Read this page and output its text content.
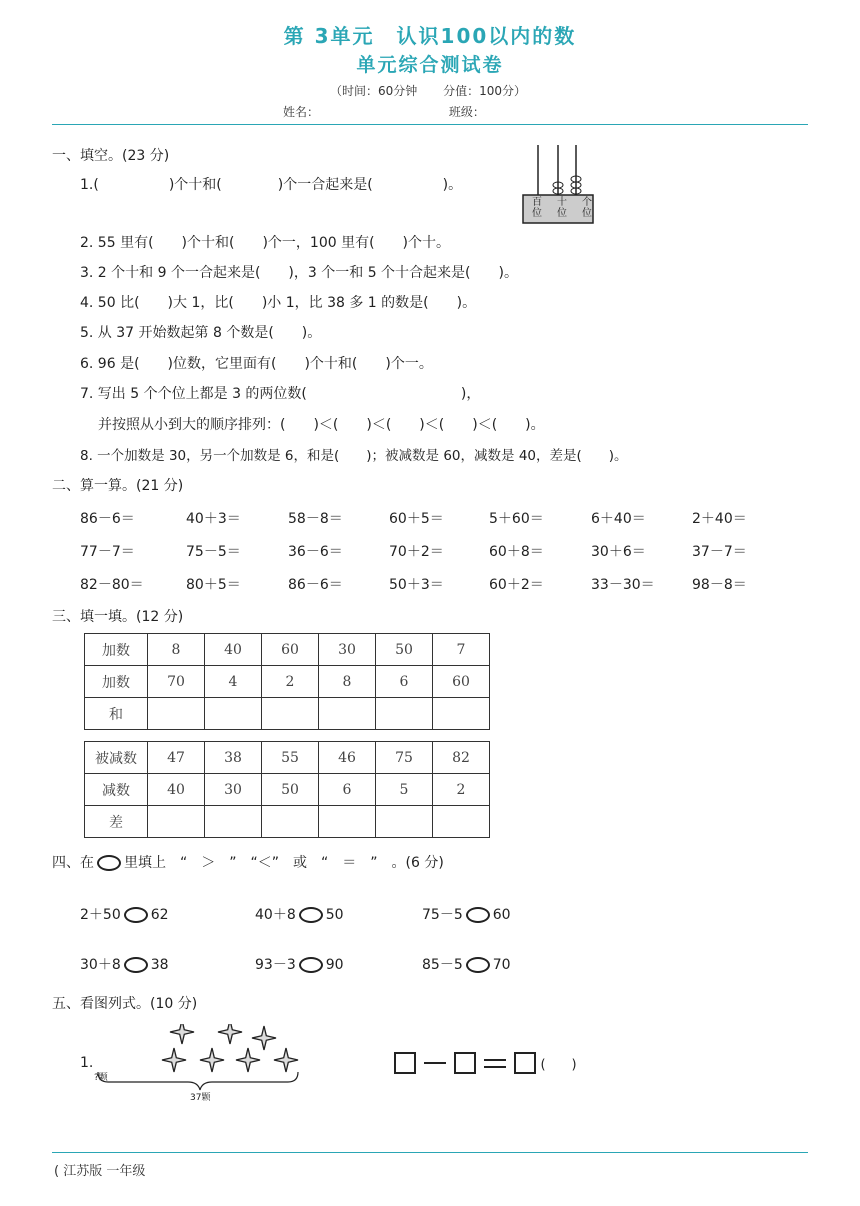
第 3单元　认识100以内的数
单元综合测试卷
（时间：60分钟 分值：100分）
姓名：	班级：
一、填空。(23 分)
1.(　　　　　)个十和(　　　　)个一合起来是(　　　　　)。
百位
十位
个位
2. 55 里有(　　)个十和(　　)个一，100 里有(　　)个十。
3. 2 个十和 9 个一合起来是(　　)，3 个一和 5 个十合起来是(　　)。
4. 50 比(　　)大 1，比(　　)小 1，比 38 多 1 的数是(　　)。
5. 从 37 开始数起第 8 个数是(　　)。
6. 96 是(　　)位数，它里面有(　　)个十和(　　)个一。
7. 写出 5 个个位上都是 3 的两位数(　　　　　　　　　　　)，
并按照从小到大的顺序排列：(　　)＜(　　)＜(　　)＜(　　)＜(　　)。
8. 一个加数是 30，另一个加数是 6，和是(　　)；被减数是 60，减数是 40，差是(　　)。
二、算一算。(21 分)
86－6＝	40＋3＝	58－8＝	60＋5＝	5＋60＝	6＋40＝	2＋40＝
77－7＝	75－5＝	36－6＝	70＋2＝	60＋8＝	30＋6＝	37－7＝
82－80＝	80＋5＝	86－6＝	50＋3＝	60＋2＝	33－30＝	98－8＝
三、填一填。(12 分)
加数	8	40	60	30	50	7
加数	70	4	2	8	6	60
和						
被减数	47	38	55	46	75	82
减数	40	30	50	6	5	2
差						
四、在 里填上　“　＞　”　“＜”　或　“　＝　”　。(6 分)
2＋50 62	40＋8 50	75－5 60
30＋8 38	93－3 90	85－5 70
五、看图列式。(10 分)
1.
?颗
37颗
(　　)
( 江苏版 一年级
